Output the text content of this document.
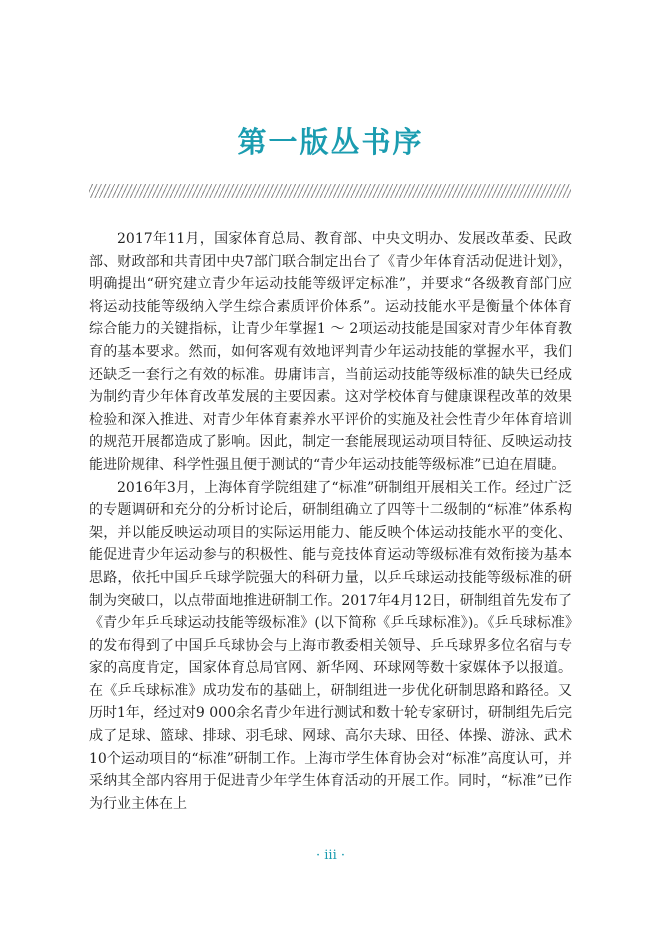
第一版丛书序

2017年11月，国家体育总局、教育部、中央文明办、发展改革委、民政部、财政部和共青团中央7部门联合制定出台了《青少年体育活动促进计划》，明确提出“研究建立青少年运动技能等级评定标准”，并要求“各级教育部门应将运动技能等级纳入学生综合素质评价体系”。运动技能水平是衡量个体体育综合能力的关键指标，让青少年掌握1 ～ 2项运动技能是国家对青少年体育教育的基本要求。然而，如何客观有效地评判青少年运动技能的掌握水平，我们还缺乏一套行之有效的标准。毋庸讳言，当前运动技能等级标准的缺失已经成为制约青少年体育改革发展的主要因素。这对学校体育与健康课程改革的效果检验和深入推进、对青少年体育素养水平评价的实施及社会性青少年体育培训的规范开展都造成了影响。因此，制定一套能展现运动项目特征、反映运动技能进阶规律、科学性强且便于测试的“青少年运动技能等级标准”已迫在眉睫。

2016年3月，上海体育学院组建了“标准”研制组开展相关工作。经过广泛的专题调研和充分的分析讨论后，研制组确立了四等十二级制的“标准”体系构架，并以能反映运动项目的实际运用能力、能反映个体运动技能水平的变化、能促进青少年运动参与的积极性、能与竞技体育运动等级标准有效衔接为基本思路，依托中国乒乓球学院强大的科研力量，以乒乓球运动技能等级标准的研制为突破口，以点带面地推进研制工作。2017年4月12日，研制组首先发布了《青少年乒乓球运动技能等级标准》(以下简称《乒乓球标准》)。《乒乓球标准》的发布得到了中国乒乓球协会与上海市教委相关领导、乒乓球界多位名宿与专家的高度肯定，国家体育总局官网、新华网、环球网等数十家媒体予以报道。在《乒乓球标准》成功发布的基础上，研制组进一步优化研制思路和路径。又历时1年，经过对9 000余名青少年进行测试和数十轮专家研讨，研制组先后完成了足球、篮球、排球、羽毛球、网球、高尔夫球、田径、体操、游泳、武术10个运动项目的“标准”研制工作。上海市学生体育协会对“标准”高度认可，并采纳其全部内容用于促进青少年学生体育活动的开展工作。同时，“标准”已作为行业主体在上

· iii ·
